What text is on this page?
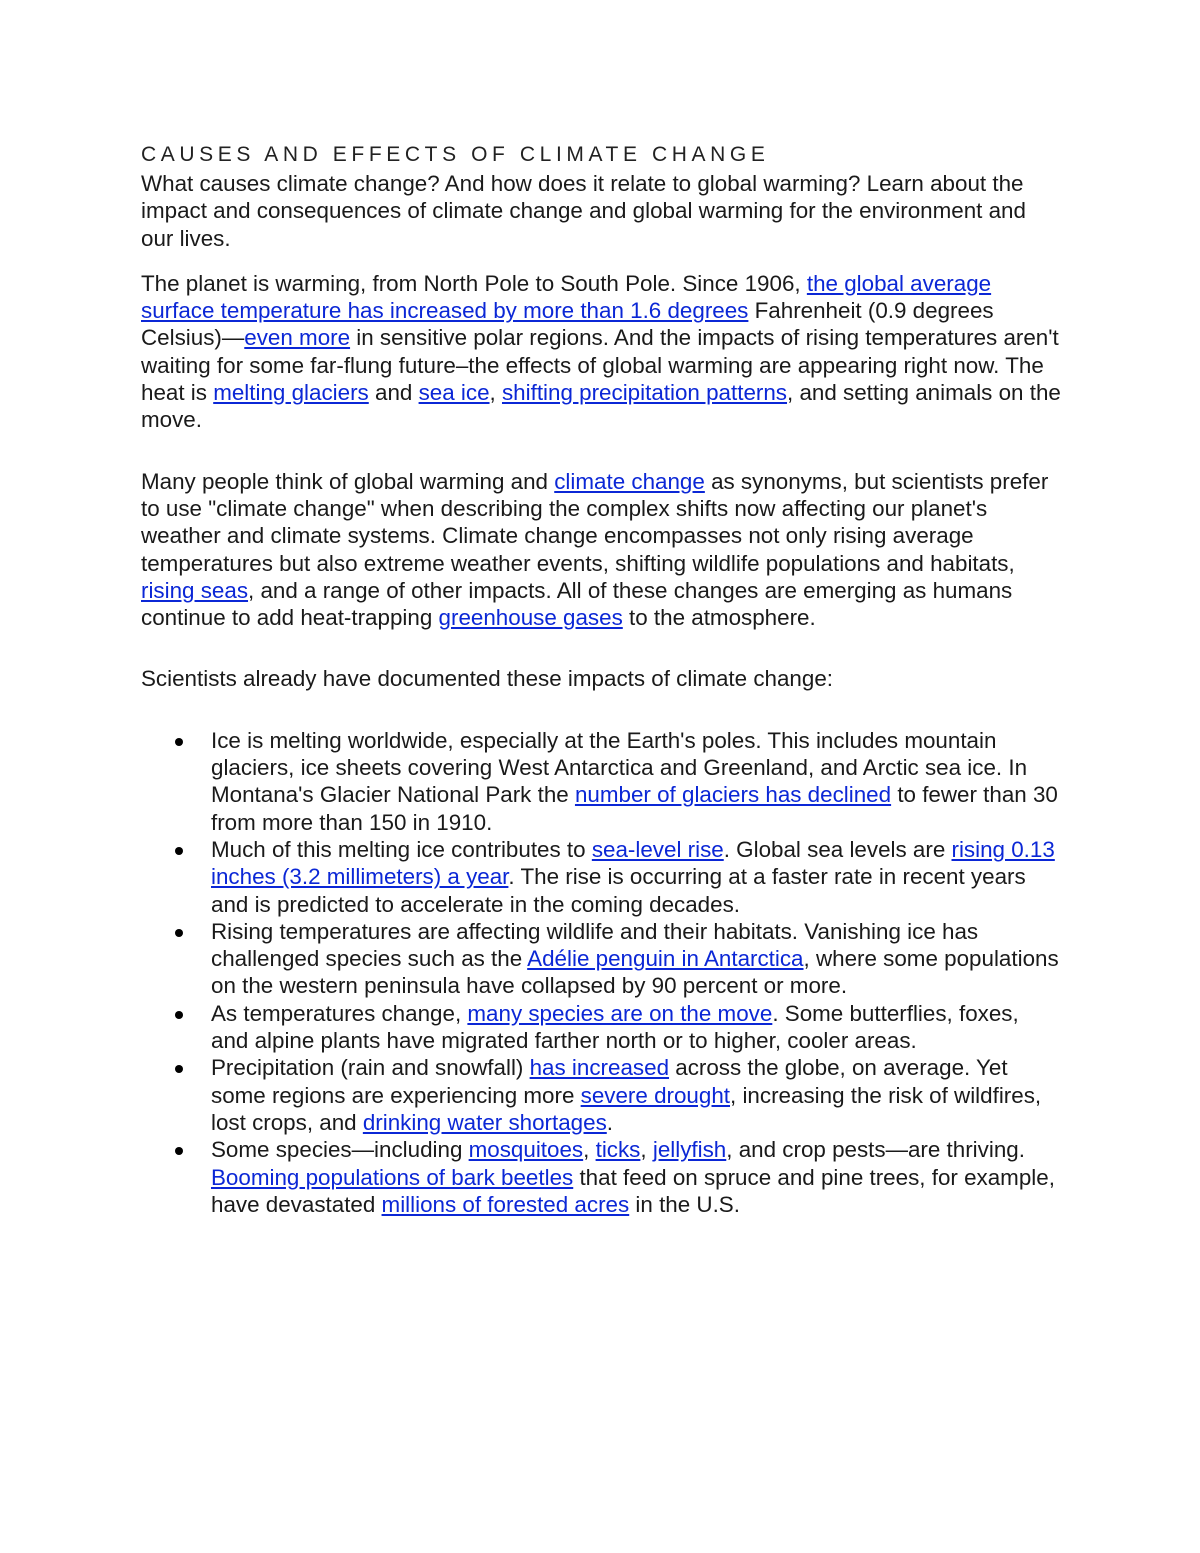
CAUSES AND EFFECTS OF CLIMATE CHANGE

What causes climate change? And how does it relate to global warming? Learn about the impact and consequences of climate change and global warming for the environment and our lives.

The planet is warming, from North Pole to South Pole. Since 1906, the global average surface temperature has increased by more than 1.6 degrees Fahrenheit (0.9 degrees Celsius)—even more in sensitive polar regions. And the impacts of rising temperatures aren't waiting for some far-flung future–the effects of global warming are appearing right now. The heat is melting glaciers and sea ice, shifting precipitation patterns, and setting animals on the move.

Many people think of global warming and climate change as synonyms, but scientists prefer to use "climate change" when describing the complex shifts now affecting our planet's weather and climate systems. Climate change encompasses not only rising average temperatures but also extreme weather events, shifting wildlife populations and habitats, rising seas, and a range of other impacts. All of these changes are emerging as humans continue to add heat-trapping greenhouse gases to the atmosphere.

Scientists already have documented these impacts of climate change:

Ice is melting worldwide, especially at the Earth's poles. This includes mountain glaciers, ice sheets covering West Antarctica and Greenland, and Arctic sea ice. In Montana's Glacier National Park the number of glaciers has declined to fewer than 30 from more than 150 in 1910.
Much of this melting ice contributes to sea-level rise. Global sea levels are rising 0.13 inches (3.2 millimeters) a year. The rise is occurring at a faster rate in recent years and is predicted to accelerate in the coming decades.
Rising temperatures are affecting wildlife and their habitats. Vanishing ice has challenged species such as the Adélie penguin in Antarctica, where some populations on the western peninsula have collapsed by 90 percent or more.
As temperatures change, many species are on the move. Some butterflies, foxes, and alpine plants have migrated farther north or to higher, cooler areas.
Precipitation (rain and snowfall) has increased across the globe, on average. Yet some regions are experiencing more severe drought, increasing the risk of wildfires, lost crops, and drinking water shortages.
Some species—including mosquitoes, ticks, jellyfish, and crop pests—are thriving. Booming populations of bark beetles that feed on spruce and pine trees, for example, have devastated millions of forested acres in the U.S.
